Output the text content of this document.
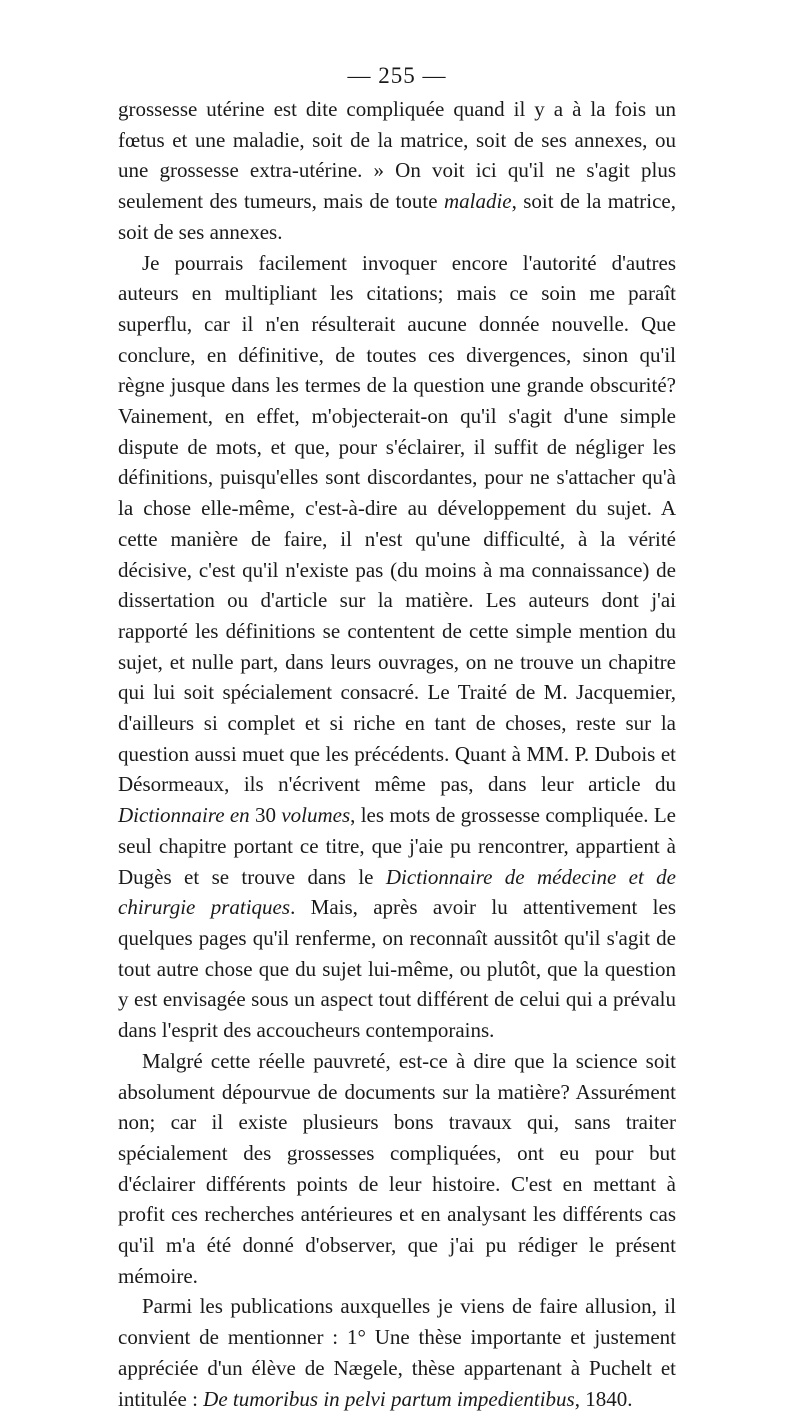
— 255 —

grossesse utérine est dite compliquée quand il y a à la fois un fœtus et une maladie, soit de la matrice, soit de ses annexes, ou une grossesse extra-utérine. » On voit ici qu'il ne s'agit plus seulement des tumeurs, mais de toute maladie, soit de la matrice, soit de ses annexes.

Je pourrais facilement invoquer encore l'autorité d'autres auteurs en multipliant les citations; mais ce soin me paraît superflu, car il n'en résulterait aucune donnée nouvelle. Que conclure, en définitive, de toutes ces divergences, sinon qu'il règne jusque dans les termes de la question une grande obscurité? Vainement, en effet, m'objecterait-on qu'il s'agit d'une simple dispute de mots, et que, pour s'éclairer, il suffit de négliger les définitions, puisqu'elles sont discordantes, pour ne s'attacher qu'à la chose elle-même, c'est-à-dire au développement du sujet. A cette manière de faire, il n'est qu'une difficulté, à la vérité décisive, c'est qu'il n'existe pas (du moins à ma connaissance) de dissertation ou d'article sur la matière. Les auteurs dont j'ai rapporté les définitions se contentent de cette simple mention du sujet, et nulle part, dans leurs ouvrages, on ne trouve un chapitre qui lui soit spécialement consacré. Le Traité de M. Jacquemier, d'ailleurs si complet et si riche en tant de choses, reste sur la question aussi muet que les précédents. Quant à MM. P. Dubois et Désormeaux, ils n'écrivent même pas, dans leur article du Dictionnaire en 30 volumes, les mots de grossesse compliquée. Le seul chapitre portant ce titre, que j'aie pu rencontrer, appartient à Dugès et se trouve dans le Dictionnaire de médecine et de chirurgie pratiques. Mais, après avoir lu attentivement les quelques pages qu'il renferme, on reconnaît aussitôt qu'il s'agit de tout autre chose que du sujet lui-même, ou plutôt, que la question y est envisagée sous un aspect tout différent de celui qui a prévalu dans l'esprit des accoucheurs contemporains.

Malgré cette réelle pauvreté, est-ce à dire que la science soit absolument dépourvue de documents sur la matière? Assurément non; car il existe plusieurs bons travaux qui, sans traiter spécialement des grossesses compliquées, ont eu pour but d'éclairer différents points de leur histoire. C'est en mettant à profit ces recherches antérieures et en analysant les différents cas qu'il m'a été donné d'observer, que j'ai pu rédiger le présent mémoire.

Parmi les publications auxquelles je viens de faire allusion, il convient de mentionner : 1° Une thèse importante et justement appréciée d'un élève de Nægele, thèse appartenant à Puchelt et intitulée : De tumoribus in pelvi partum impedientibus, 1840.
